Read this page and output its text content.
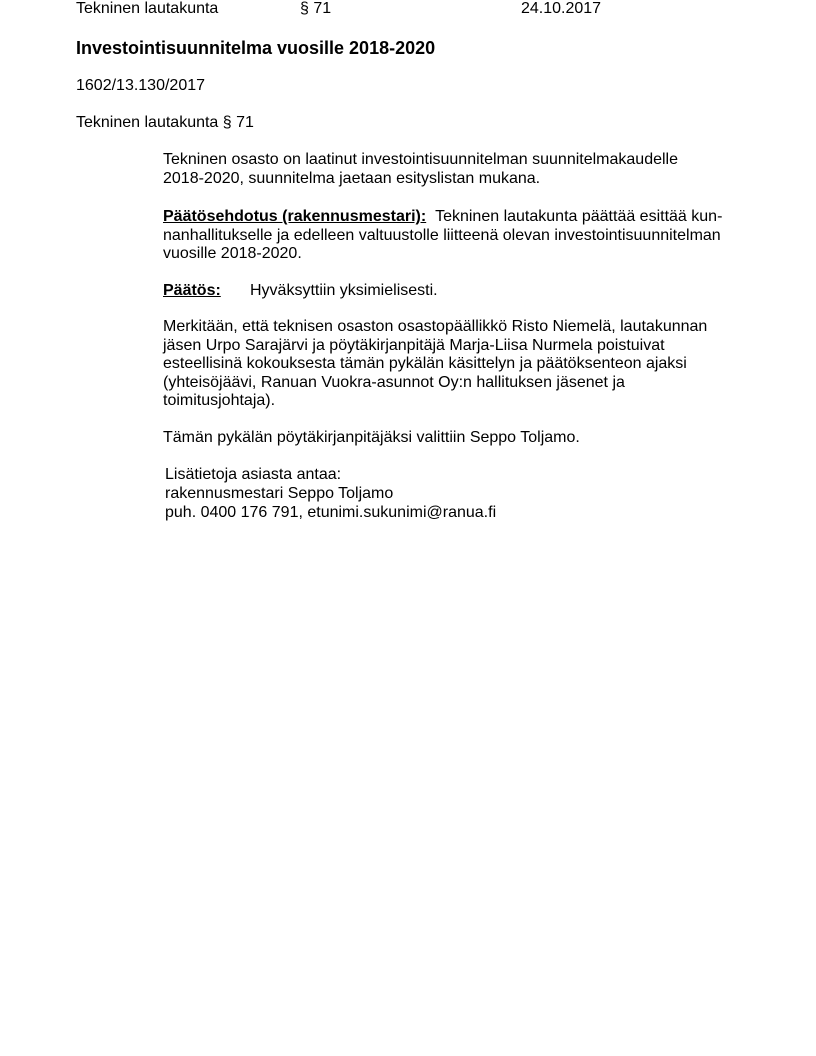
Tekninen lautakunta	§ 71	24.10.2017
Investointisuunnitelma vuosille 2018-2020
1602/13.130/2017
Tekninen lautakunta § 71
Tekninen osasto on laatinut investointisuunnitelman suunnitelmakaudelle
2018-2020, suunnitelma jaetaan esityslistan mukana.
Päätösehdotus (rakennusmestari): Tekninen lautakunta päättää esittää kun-
nanhallitukselle ja edelleen valtuustolle liitteenä olevan investointisuunnitelman
vuosille 2018-2020.
Päätös: Hyväksyttiin yksimielisesti.
Merkitään, että teknisen osaston osastopäällikkö Risto Niemelä, lautakunnan
jäsen Urpo Sarajärvi ja pöytäkirjanpitäjä Marja-Liisa Nurmela poistuivat
esteellisinä kokouksesta tämän pykälän käsittelyn ja päätöksenteon ajaksi
(yhteisöjäävi, Ranuan Vuokra-asunnot Oy:n hallituksen jäsenet ja
toimitusjohtaja).
Tämän pykälän pöytäkirjanpitäjäksi valittiin Seppo Toljamo.
Lisätietoja asiasta antaa:
rakennusmestari Seppo Toljamo
puh. 0400 176 791, etunimi.sukunimi@ranua.fi
